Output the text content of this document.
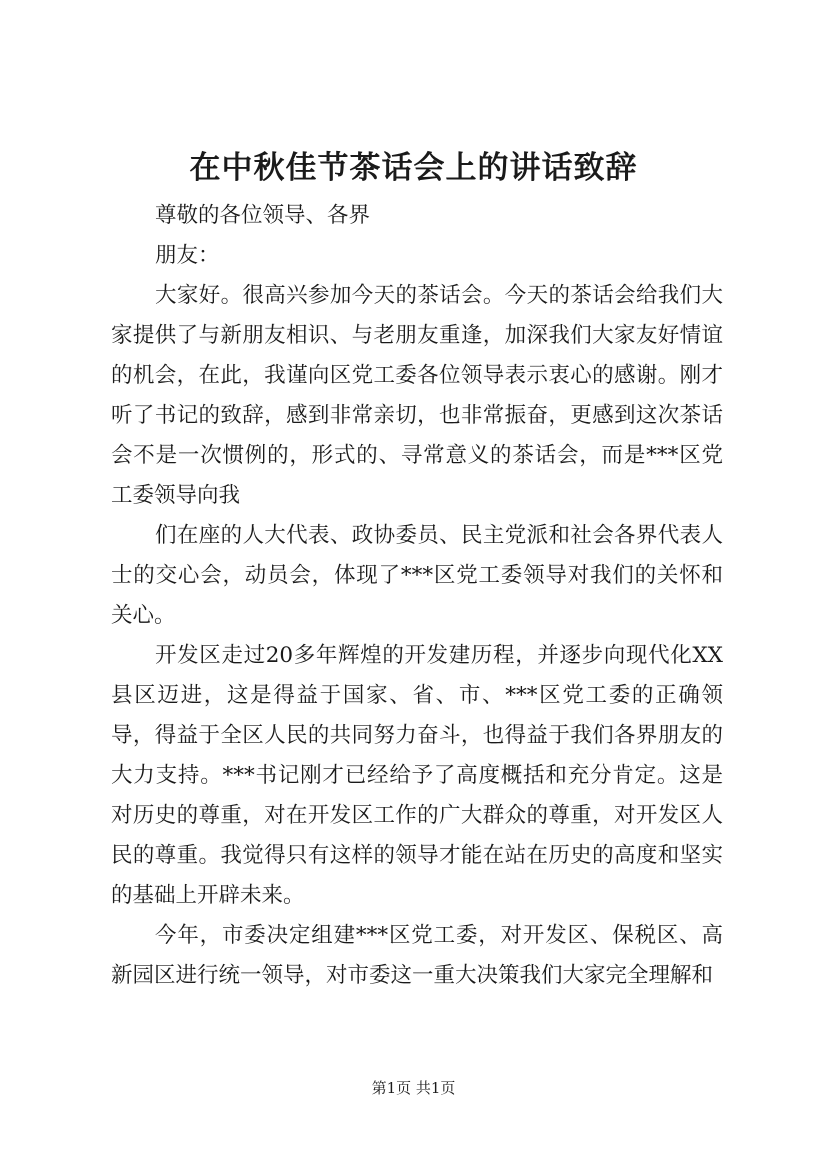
在中秋佳节茶话会上的讲话致辞

尊敬的各位领导、各界

朋友：

大家好。很高兴参加今天的茶话会。今天的茶话会给我们大家提供了与新朋友相识、与老朋友重逢，加深我们大家友好情谊的机会，在此，我谨向区党工委各位领导表示衷心的感谢。刚才听了书记的致辞，感到非常亲切，也非常振奋，更感到这次茶话会不是一次惯例的，形式的、寻常意义的茶话会，而是***区党工委领导向我

们在座的人大代表、政协委员、民主党派和社会各界代表人士的交心会，动员会，体现了***区党工委领导对我们的关怀和关心。

开发区走过20多年辉煌的开发建历程，并逐步向现代化XX县区迈进，这是得益于国家、省、市、***区党工委的正确领导，得益于全区人民的共同努力奋斗，也得益于我们各界朋友的大力支持。***书记刚才已经给予了高度概括和充分肯定。这是对历史的尊重，对在开发区工作的广大群众的尊重，对开发区人民的尊重。我觉得只有这样的领导才能在站在历史的高度和坚实的基础上开辟未来。

今年，市委决定组建***区党工委，对开发区、保税区、高新园区进行统一领导，对市委这一重大决策我们大家完全理解和

第1页 共1页
